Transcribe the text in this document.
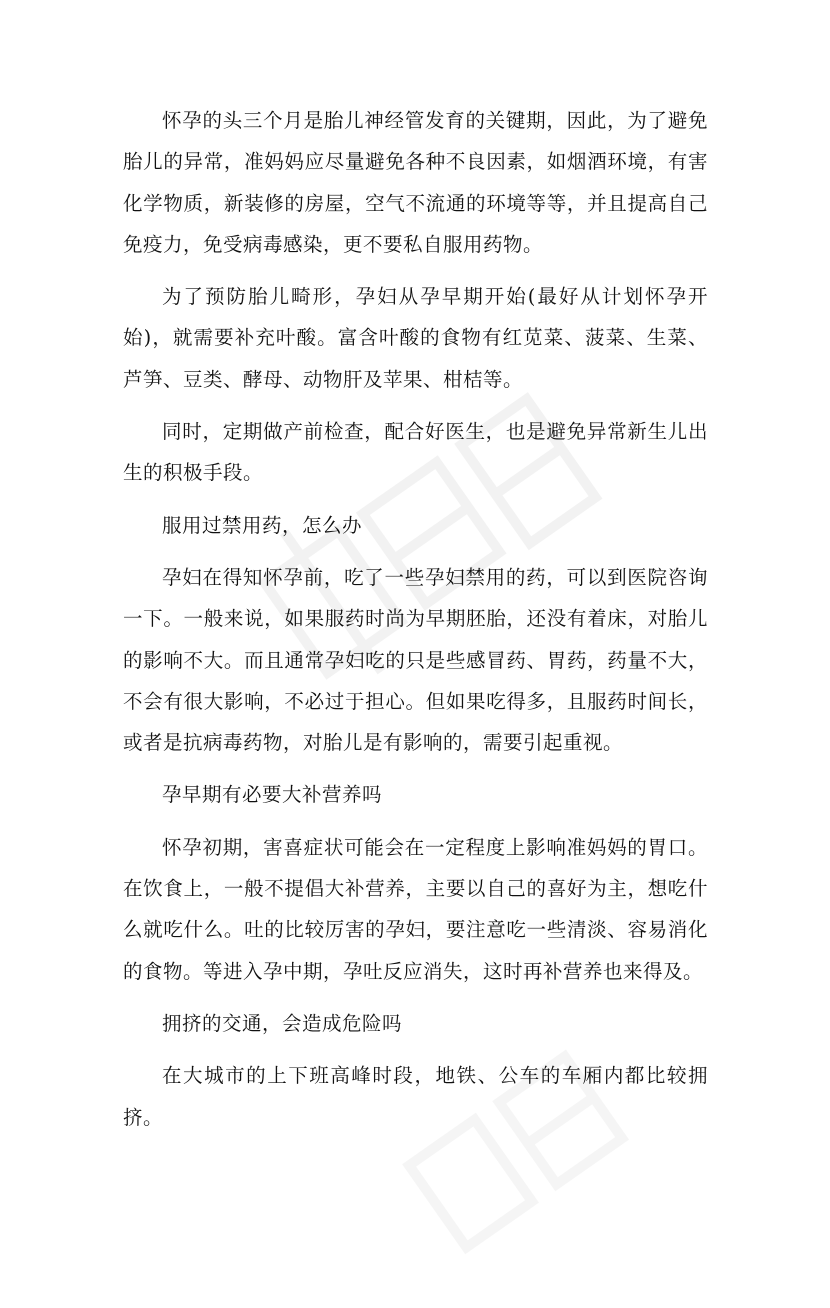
怀孕的头三个月是胎儿神经管发育的关键期，因此，为了避免胎儿的异常，准妈妈应尽量避免各种不良因素，如烟酒环境，有害化学物质，新装修的房屋，空气不流通的环境等等，并且提高自己免疫力，免受病毒感染，更不要私自服用药物。

为了预防胎儿畸形，孕妇从孕早期开始(最好从计划怀孕开始)，就需要补充叶酸。富含叶酸的食物有红苋菜、菠菜、生菜、芦笋、豆类、酵母、动物肝及苹果、柑桔等。

同时，定期做产前检查，配合好医生，也是避免异常新生儿出生的积极手段。

服用过禁用药，怎么办

孕妇在得知怀孕前，吃了一些孕妇禁用的药，可以到医院咨询一下。一般来说，如果服药时尚为早期胚胎，还没有着床，对胎儿的影响不大。而且通常孕妇吃的只是些感冒药、胃药，药量不大，不会有很大影响，不必过于担心。但如果吃得多，且服药时间长，或者是抗病毒药物，对胎儿是有影响的，需要引起重视。

孕早期有必要大补营养吗

怀孕初期，害喜症状可能会在一定程度上影响准妈妈的胃口。在饮食上，一般不提倡大补营养，主要以自己的喜好为主，想吃什么就吃什么。吐的比较厉害的孕妇，要注意吃一些清淡、容易消化的食物。等进入孕中期，孕吐反应消失，这时再补营养也来得及。

拥挤的交通，会造成危险吗

在大城市的上下班高峰时段，地铁、公车的车厢内都比较拥挤。
